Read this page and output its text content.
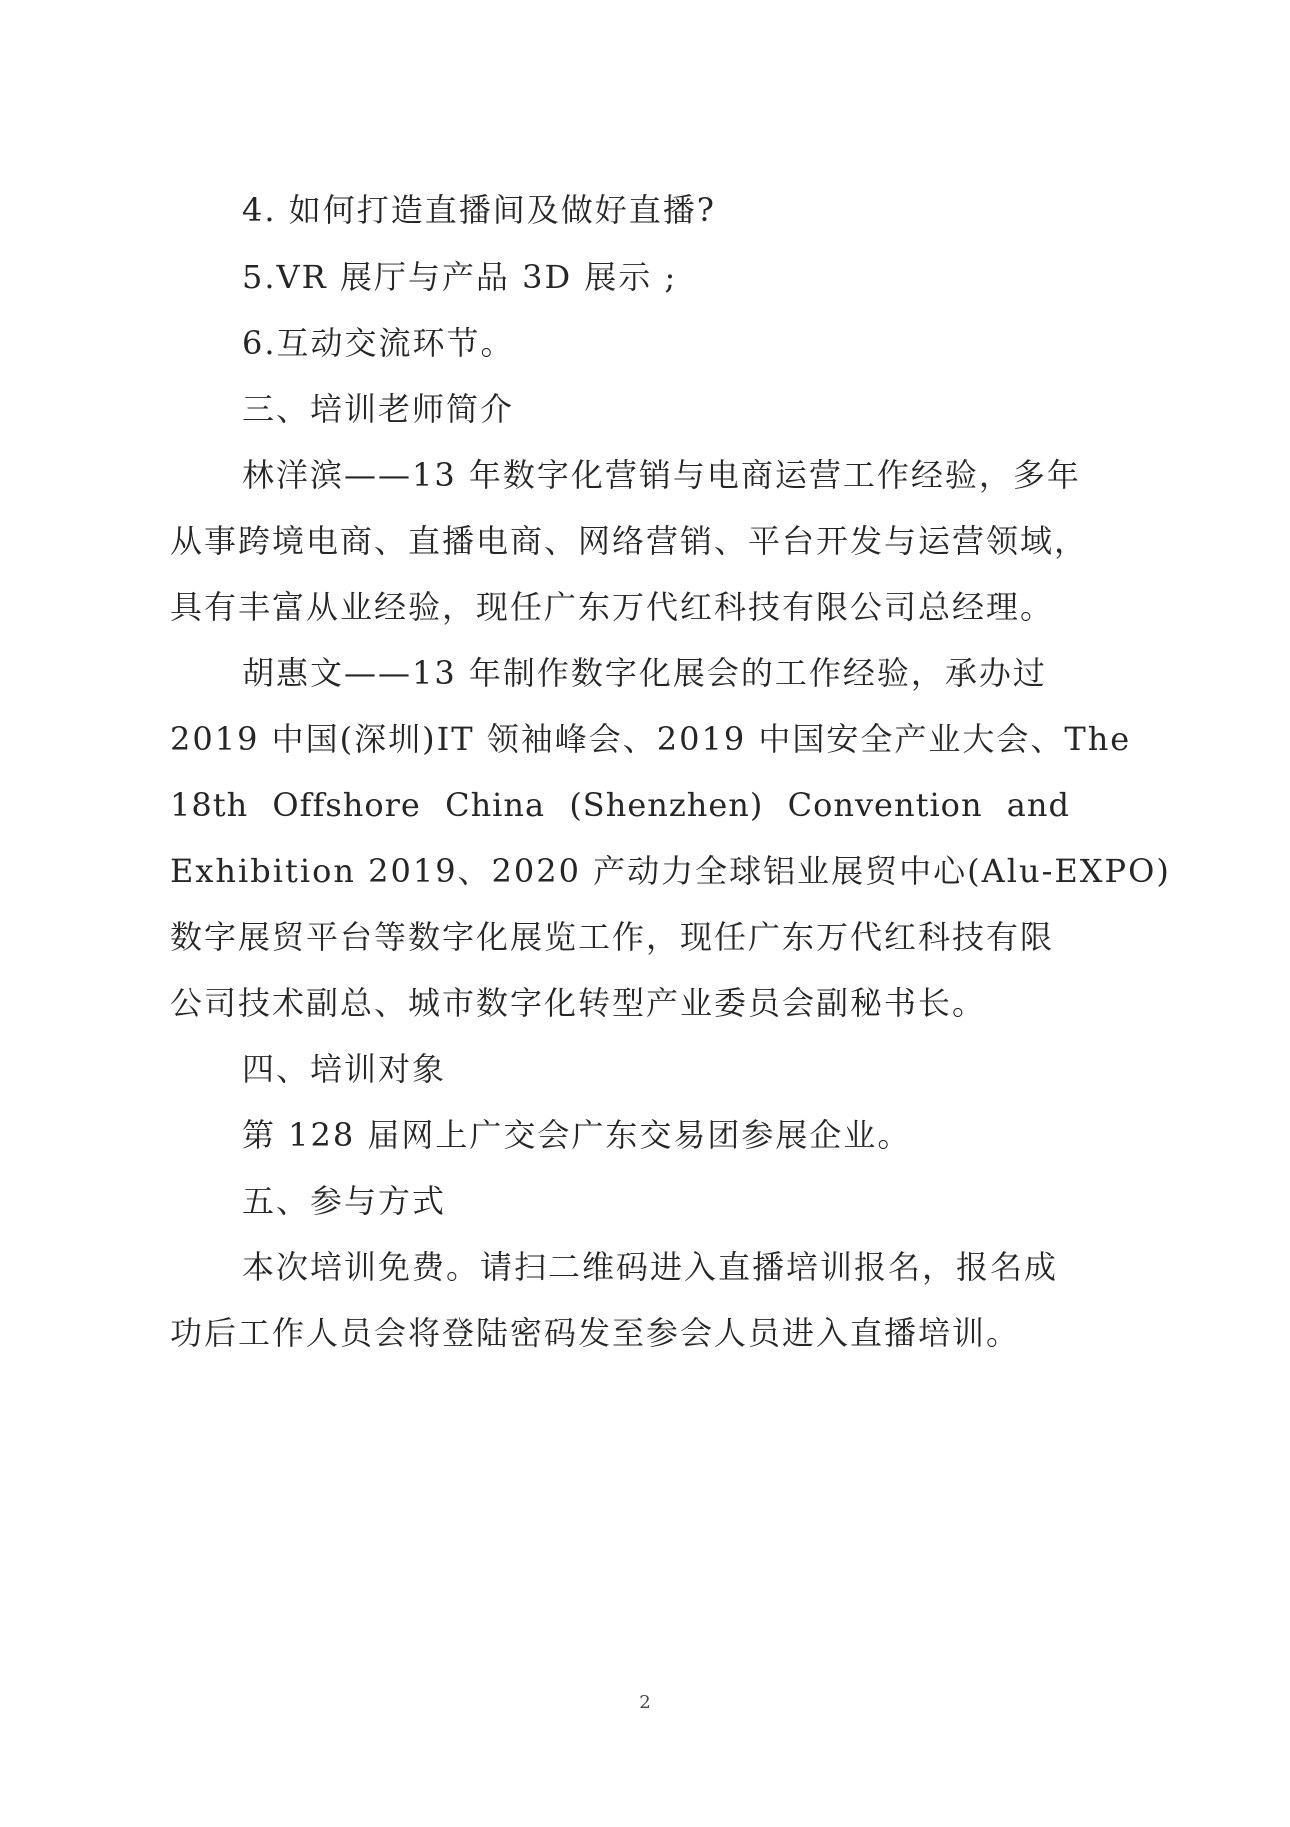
4. 如何打造直播间及做好直播?
5.VR 展厅与产品 3D 展示 ;
6.互动交流环节。
三、培训老师简介
林洋滨——13 年数字化营销与电商运营工作经验，多年
从事跨境电商、直播电商、网络营销、平台开发与运营领域，
具有丰富从业经验，现任广东万代红科技有限公司总经理。
胡惠文——13 年制作数字化展会的工作经验，承办过
2019 中国(深圳)IT 领袖峰会、2019 中国安全产业大会、The
18th Offshore China (Shenzhen) Convention and
Exhibition 2019、2020 产动力全球铝业展贸中心(Alu-EXPO)
数字展贸平台等数字化展览工作，现任广东万代红科技有限
公司技术副总、城市数字化转型产业委员会副秘书长。
四、培训对象
第 128 届网上广交会广东交易团参展企业。
五、参与方式
本次培训免费。请扫二维码进入直播培训报名，报名成
功后工作人员会将登陆密码发至参会人员进入直播培训。
2
